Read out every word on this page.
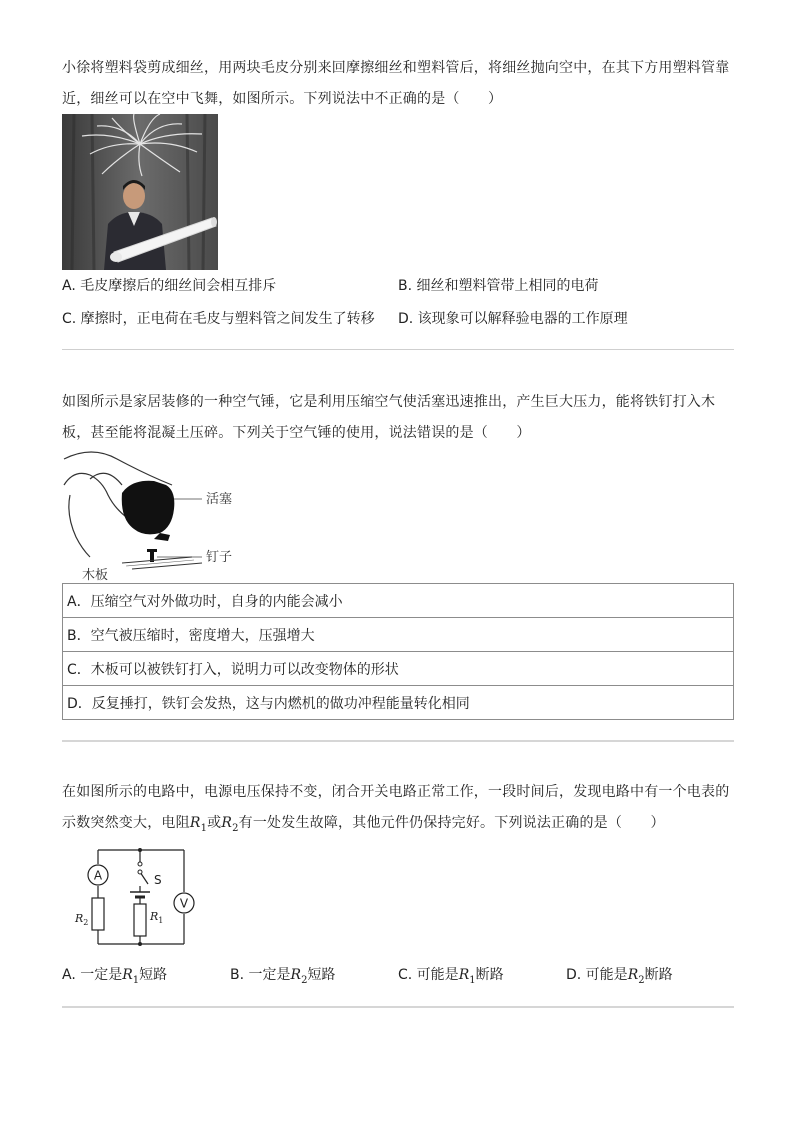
小徐将塑料袋剪成细丝，用两块毛皮分别来回摩擦细丝和塑料管后，将细丝抛向空中，在其下方用塑料管靠近，细丝可以在空中飞舞，如图所示。下列说法中不正确的是（　　）
A. 毛皮摩擦后的细丝间会相互排斥	B. 细丝和塑料管带上相同的电荷
C. 摩擦时，正电荷在毛皮与塑料管之间发生了转移 D. 该现象可以解释验电器的工作原理
如图所示是家居装修的一种空气锤，它是利用压缩空气使活塞迅速推出，产生巨大压力，能将铁钉打入木板，甚至能将混凝土压碎。下列关于空气锤的使用，说法错误的是（　　）
活塞
钉子
木板
A．压缩空气对外做功时，自身的内能会减小
B．空气被压缩时，密度增大，压强增大
C．木板可以被铁钉打入，说明力可以改变物体的形状
D．反复捶打，铁钉会发热，这与内燃机的做功冲程能量转化相同
在如图所示的电路中，电源电压保持不变，闭合开关电路正常工作，一段时间后，发现电路中有一个电表的示数突然变大，电阻$R_1$或$R_2$有一处发生故障，其他元件仍保持完好。下列说法正确的是（　　）
A
V
S
$R_2$	$R_1$
A. 一定是$R_1$短路	B. 一定是$R_2$短路	C. 可能是$R_1$断路	D. 可能是$R_2$断路
